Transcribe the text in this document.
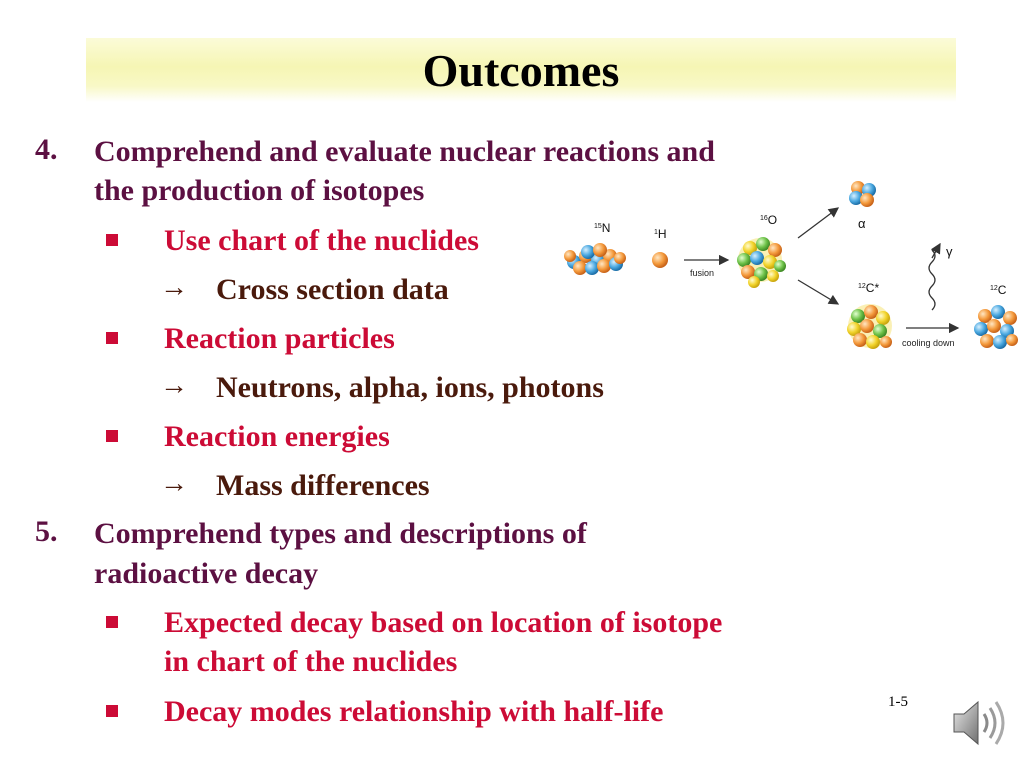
Outcomes
4. Comprehend and evaluate nuclear reactions and
the production of isotopes
Use chart of the nuclides
→ Cross section data
Reaction particles
→ Neutrons, alpha, ions, photons
Reaction energies
→ Mass differences
5. Comprehend types and descriptions of
radioactive decay
Expected decay based on location of isotope
in chart of the nuclides
Decay modes relationship with half-life
$^{15}$N	$^1$H
fusion
$^{16}$O	α
$^{12}$C*
γ
cooling down
$^{12}$C
1-5
